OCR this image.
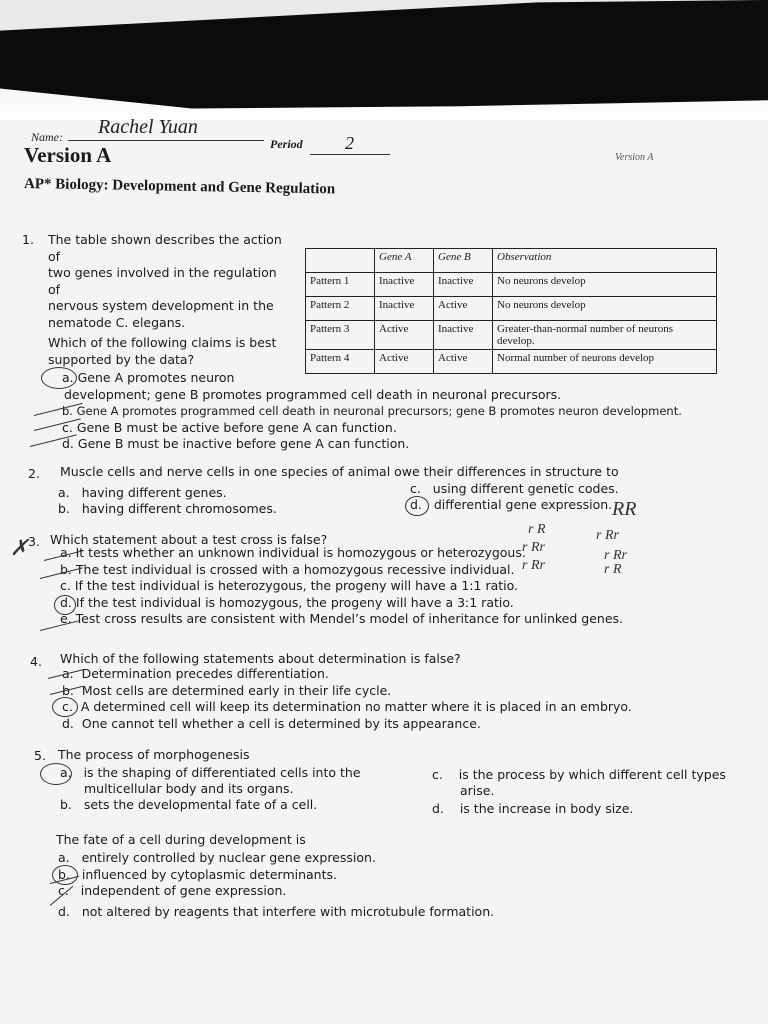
Name: Rachel Yuan
Period 2
Version A	Version A
AP* Biology: Development and Gene Regulation
1. The table shown describes the action of
two genes involved in the regulation of
nervous system development in the
nematode C. elegans.
Which of the following claims is best
supported by the data?
	Gene A	Gene B	Observation
Pattern 1	Inactive	Inactive	No neurons develop
Pattern 2	Inactive	Active	No neurons develop
Pattern 3	Active	Inactive	Greater-than-normal number of neurons develop.
Pattern 4	Active	Active	Normal number of neurons develop
a. Gene A promotes neuron
development; gene B promotes programmed cell death in neuronal precursors.
b. Gene A promotes programmed cell death in neuronal precursors; gene B promotes neuron development.
c. Gene B must be active before gene A can function.
d. Gene B must be inactive before gene A can function.
2. Muscle cells and nerve cells in one species of animal owe their differences in structure to
a. having different genes.
b. having different chromosomes.
c. using different genetic codes.
d. differential gene expression.
3. Which statement about a test cross is false?
a. It tests whether an unknown individual is homozygous or heterozygous.
b. The test individual is crossed with a homozygous recessive individual.
c. If the test individual is heterozygous, the progeny will have a 1:1 ratio.
d. If the test individual is homozygous, the progeny will have a 3:1 ratio.
e. Test cross results are consistent with Mendel’s model of inheritance for unlinked genes.
✗
RR
r R
r Rr
r Rr
r Rr
r Rr
r R
4. Which of the following statements about determination is false?
a. Determination precedes differentiation.
b. Most cells are determined early in their life cycle.
c. A determined cell will keep its determination no matter where it is placed in an embryo.
d. One cannot tell whether a cell is determined by its appearance.
5. The process of morphogenesis
a. is the shaping of differentiated cells into the
multicellular body and its organs.
b. sets the developmental fate of a cell.
c. is the process by which different cell types
arise.
d. is the increase in body size.
The fate of a cell during development is
a. entirely controlled by nuclear gene expression.
b. influenced by cytoplasmic determinants.
c. independent of gene expression.
d. not altered by reagents that interfere with microtubule formation.
